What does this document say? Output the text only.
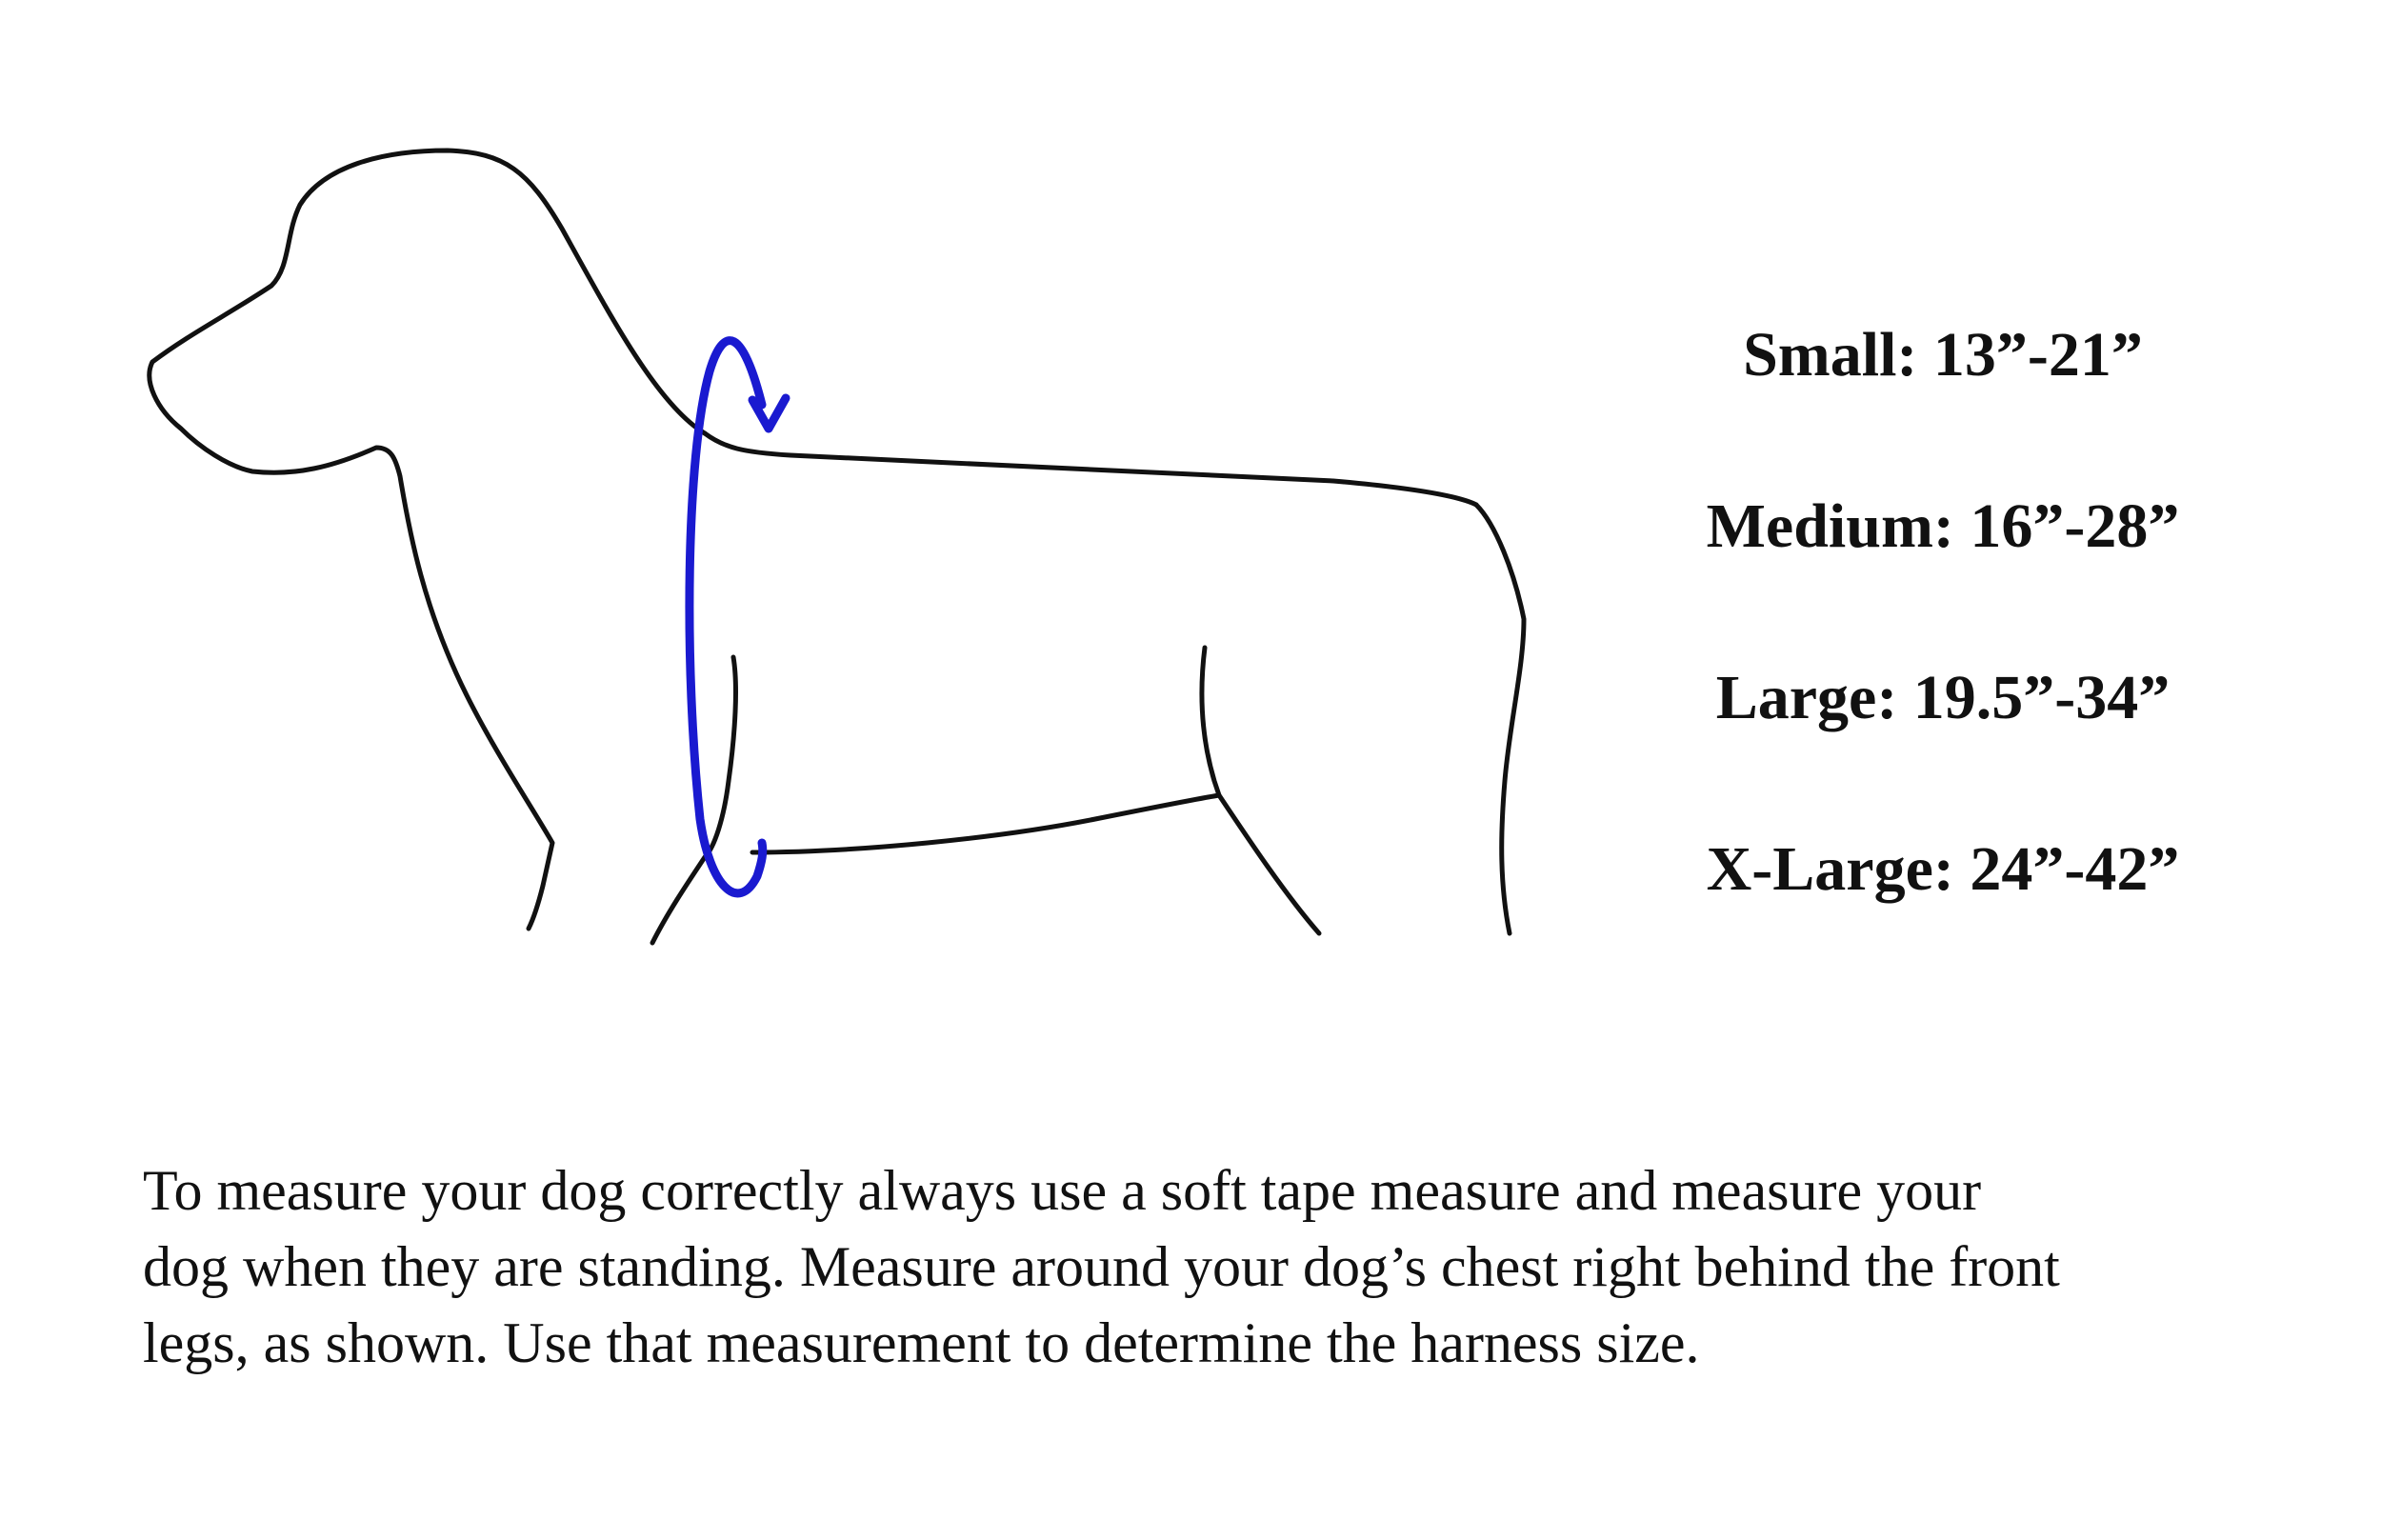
Small: 13”-21”
Medium: 16”-28”
Large: 19.5”-34”
X-Large: 24”-42”
To measure your dog correctly always use a soft tape measure and measure your
dog when they are standing. Measure around your dog’s chest right behind the front
legs, as shown. Use that measurement to determine the harness size.
